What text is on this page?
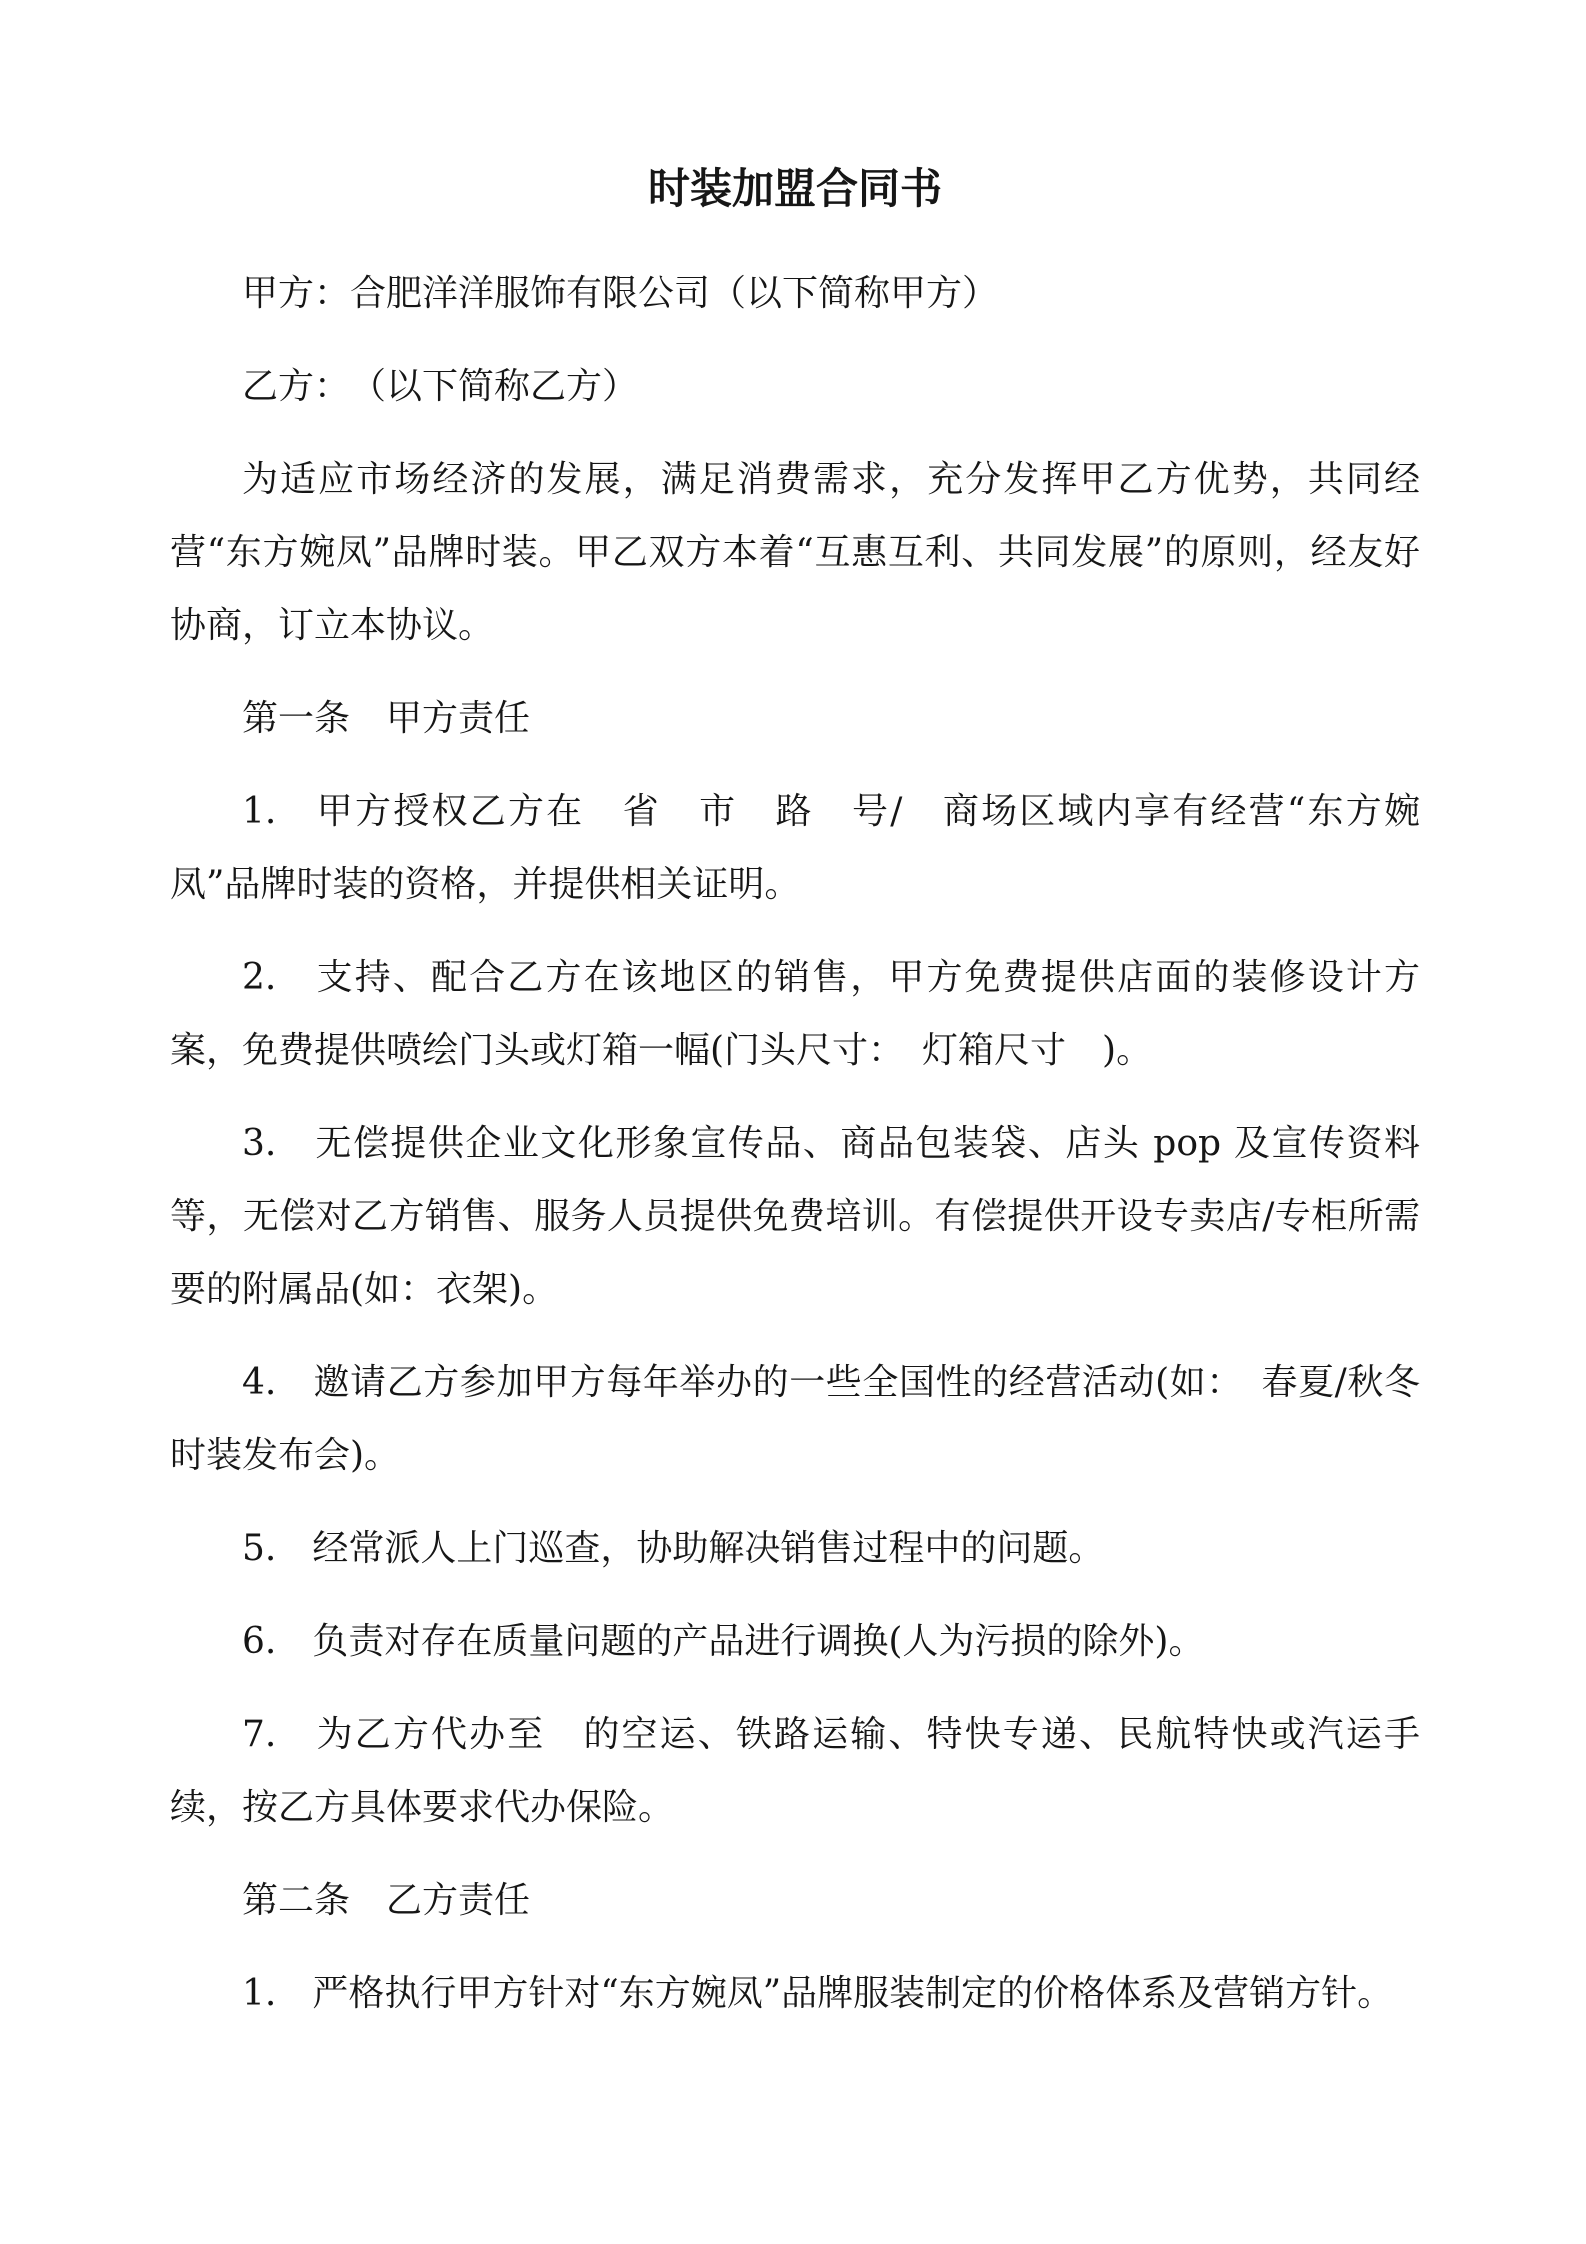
时装加盟合同书

甲方：合肥洋洋服饰有限公司（以下简称甲方）

乙方：　（以下简称乙方）

为适应市场经济的发展，满足消费需求，充分发挥甲乙方优势，共同经营“东方婉凤”品牌时装。甲乙双方本着“互惠互利、共同发展”的原则，经友好协商，订立本协议。

第一条　甲方责任

1.　甲方授权乙方在　省　市　路　号/　商场区域内享有经营“东方婉凤”品牌时装的资格，并提供相关证明。

2.　支持、配合乙方在该地区的销售，甲方免费提供店面的装修设计方案，免费提供喷绘门头或灯箱一幅(门头尺寸：　灯箱尺寸　)。

3.　无偿提供企业文化形象宣传品、商品包装袋、店头 pop 及宣传资料等，无偿对乙方销售、服务人员提供免费培训。有偿提供开设专卖店/专柜所需要的附属品(如：衣架)。

4.　邀请乙方参加甲方每年举办的一些全国性的经营活动(如：　春夏/秋冬时装发布会)。

5.　经常派人上门巡查，协助解决销售过程中的问题。

6.　负责对存在质量问题的产品进行调换(人为污损的除外)。

7.　为乙方代办至　的空运、铁路运输、特快专递、民航特快或汽运手续，按乙方具体要求代办保险。

第二条　乙方责任

1.　严格执行甲方针对“东方婉凤”品牌服装制定的价格体系及营销方针。
